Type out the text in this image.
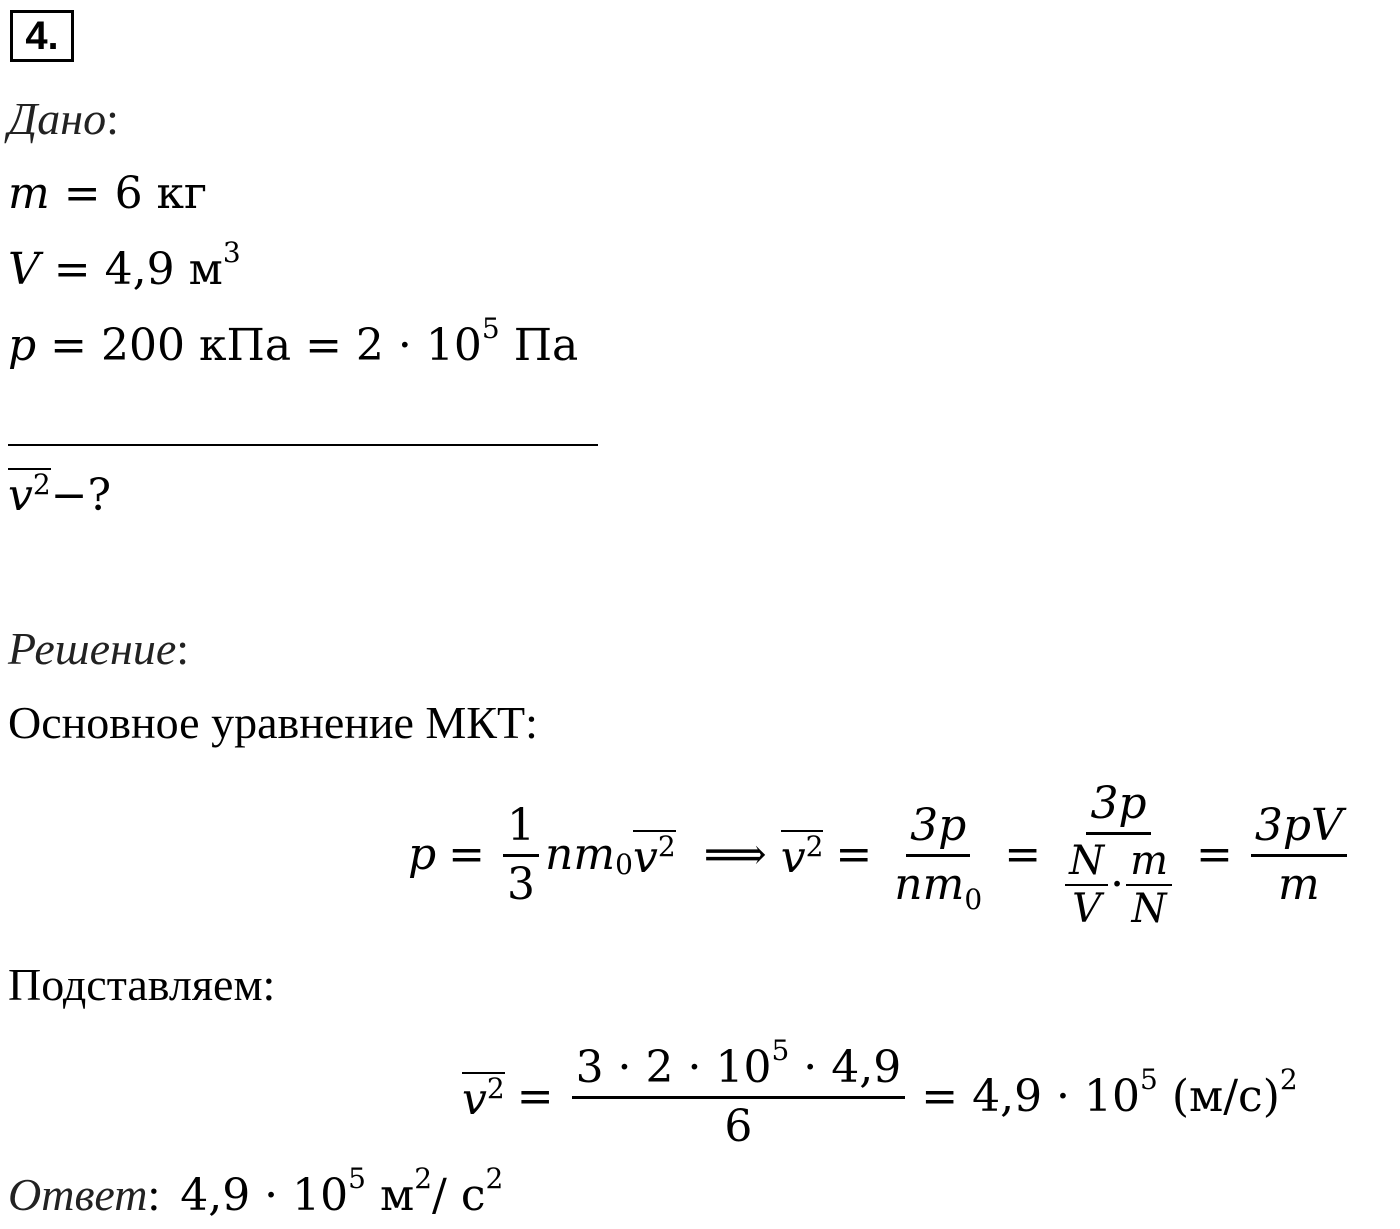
4.
Дано:
m = 6 кг
V = 4,9 $м^3$
p = 200 кПа = $2 \cdot 10^5$ Па
$v^2-$?
Решение:
Основное уравнение МКТ:
$p = \frac{1}{3}$ n $m_0$ $v^2$ ⟹ $v^2 = \frac{3p}{nm_0} = \frac{3p}{\frac{N}{V} \cdot \frac{m}{N}} = \frac{3pV}{m}$
Подставляем:
$v^2 = \frac{3 \cdot 2 \cdot 10^5 \cdot 4,9}{6} = 4,9 \cdot 10^5$ $(м/с)^2$
Ответ: $4,9 \cdot 10^5$ $м^2/$ $с^2$
